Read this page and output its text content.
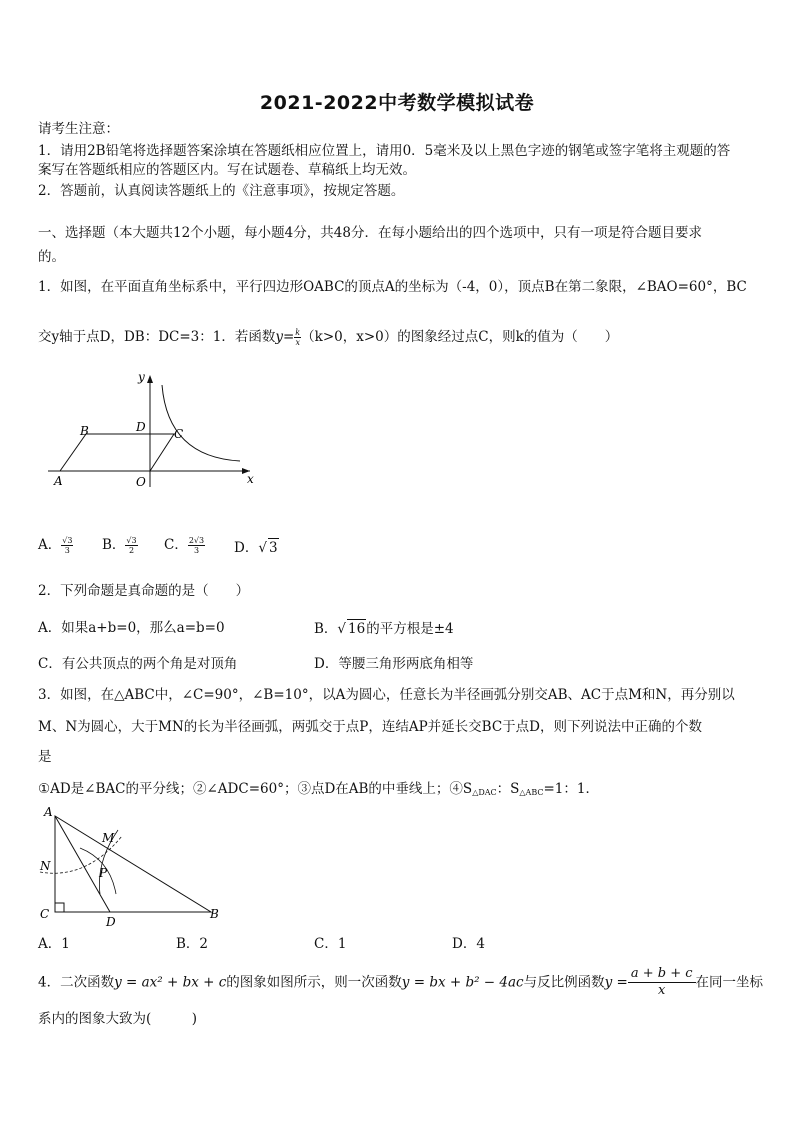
2021-2022中考数学模拟试卷
请考生注意：
1．请用2B铅笔将选择题答案涂填在答题纸相应位置上，请用0．5毫米及以上黑色字迹的钢笔或签字笔将主观题的答
案写在答题纸相应的答题区内。写在试题卷、草稿纸上均无效。
2．答题前，认真阅读答题纸上的《注意事项》，按规定答题。
一、选择题（本大题共12个小题，每小题4分，共48分．在每小题给出的四个选项中，只有一项是符合题目要求
的。
1．如图，在平面直角坐标系中，平行四边形OABC的顶点A的坐标为（-4，0），顶点B在第二象限，∠BAO=60°，BC
交y轴于点D，DB：DC=3：1．若函数$y= \frac{k}{x} (k>0$，x>0）的图象经过点C，则k的值为（　　）
y
x
B	D C
A	O
A． $\frac{√3}{3}$ B． $\frac{√3}{2}$ C． $\frac{2√3}{3}$ D．√ 3
2．下列命题是真命题的是（　　）
A．如果a+b=0，那么a=b=0	B．√ 16的平方根是±4
C．有公共顶点的两个角是对顶角	D．等腰三角形两底角相等
3．如图，在△ABC中，∠C=90°，∠B=10°，以A为圆心，任意长为半径画弧分别交AB、AC于点M和N，再分别以
M、N为圆心，大于MN的长为半径画弧，两弧交于点P，连结AP并延长交BC于点D，则下列说法中正确的个数
是
①AD是∠BAC的平分线；②∠ADC=60°；③点D在AB的中垂线上；$④S_{\triangle DAC}$：$S_{\triangle ABC}=1$：1．
A
M
N	P
C
D
B
A．1	B．2	C．1	D．4
4．二次函数y = ax² + bx + c的图象如图所示，则一次函数y = bx + b² − 4ac与反比例函数$y = \frac{a + b + c}{x}$ 在同一坐标
系内的图象大致为(　　　)
